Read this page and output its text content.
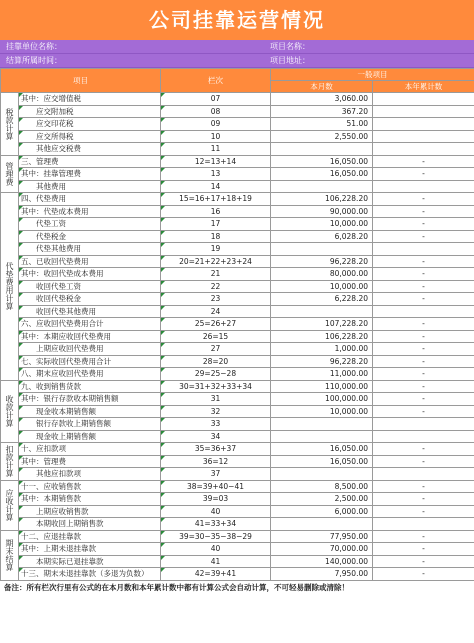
公司挂靠运营情况
挂靠单位名称：	项目名称：
结算所属时间：	项目地址：
项目		栏次	一般项目	
			本月数	本年累计数
税款计算	其中：应交增值税	07	3,060.00	
	　　应交附加税	08	367.20	
	　　应交印花税	09	51.00	
	　　应交所得税	10	2,550.00	
	　　其他应交税费	11		
管理费	三、管理费	12=13+14	16,050.00	-
	其中：挂靠管理费	13	16,050.00	-
	　　其他费用	14		
代垫费用计算	四、代垫费用	15=16+17+18+19	106,228.20	-
	其中：代垫成本费用	16	90,000.00	-
	　　代垫工资	17	10,000.00	-
	　　代垫税金	18	6,028.20	-
	　　代垫其他费用	19		
	五、已收回代垫费用	20=21+22+23+24	96,228.20	-
	其中：收回代垫成本费用	21	80,000.00	-
	　　收回代垫工资	22	10,000.00	-
	　　收回代垫税金	23	6,228.20	-
	　　收回代垫其他费用	24		
	六、应收回代垫费用合计	25=26+27	107,228.20	-
	其中：本期应收回代垫费用	26=15	106,228.20	-
	　　上期应收回代垫费用	27	1,000.00	-
	七、实际收回代垫费用合计	28=20	96,228.20	-
	八、期末应收回代垫费用	29=25−28	11,000.00	-
收款计算	九、收到销售货款	30=31+32+33+34	110,000.00	-
	其中：银行存款收本期销售额	31	100,000.00	-
	　　现金收本期销售额	32	10,000.00	-
	　　银行存款收上期销售额	33		
	　　现金收上期销售额	34		
扣款计算	十、应扣款项	35=36+37	16,050.00	-
	其中：管理费	36=12	16,050.00	-
	　　其他应扣款项	37		
应收计算	十一、应收销售款	38=39+40−41	8,500.00	-
	其中：本期销售款	39=03	2,500.00	-
	　　上期应收销售款	40	6,000.00	-
	　　本期收回上期销售款	41=33+34		
期末结算	十二、应退挂靠款	39=30−35−38−29	77,950.00	-
	其中：上期未退挂靠款	40	70,000.00	-
	　　本期实际已退挂靠款	41	140,000.00	-
	十三、期末未退挂靠款（多退为负数）	42=39+41	7,950.00	-
备注：所有栏次行里有公式的在本月数和本年累计数中都有计算公式会自动计算，不可轻易删除或清除！
